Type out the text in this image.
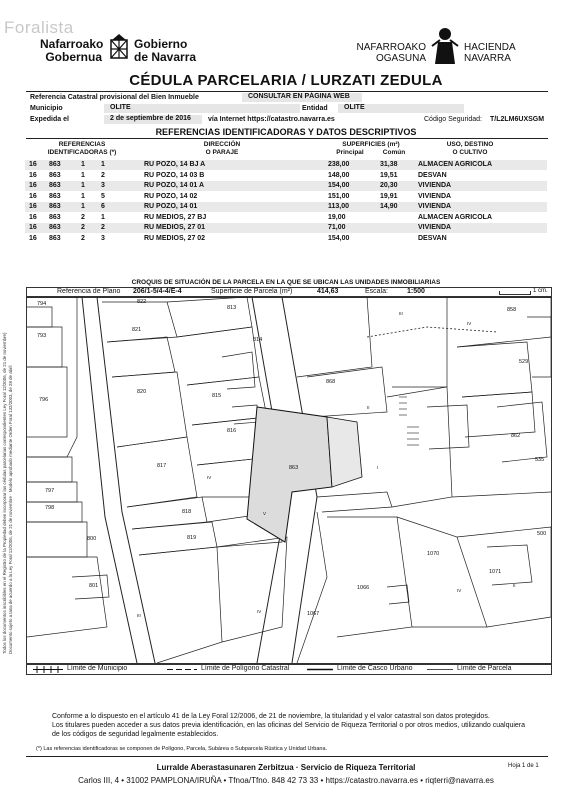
Foralista
Nafarroako
Gobernua
Gobierno
de Navarra
NAFARROAKO
OGASUNA
HACIENDA
NAVARRA
CÉDULA PARCELARIA / LURZATI ZEDULA
Referencia Catastral provisional del Bien Inmueble	CONSULTAR EN PÁGINA WEB
Municipio	OLITE	Entidad	OLITE
Expedida el	2 de septiembre de 2016	vía Internet https://catastro.navarra.es	Código Seguridad: T/L2LM6UXSGM
REFERENCIAS IDENTIFICADORAS Y DATOS DESCRIPTIVOS
REFERENCIAS
IDENTIFICADORAS (*)
DIRECCIÓN
O PARAJE
SUPERFICIES (m²)
Principal	Común
USO, DESTINO
O CULTIVO
16 863	1 1	RU POZO, 14 BJ A	238,00	31,38	ALMACEN AGRICOLA
16 863	1 2	RU POZO, 14 03 B	148,00	19,51	DESVAN
16 863	1 3	RU POZO, 14 01 A	154,00	20,30	VIVIENDA
16 863	1 5	RU POZO, 14 02	151,00	19,91	VIVIENDA
16 863	1 6	RU POZO, 14 01	113,00	14,90	VIVIENDA
16 863	2 1	RU MEDIOS, 27 BJ	19,00	ALMACEN AGRICOLA
16 863	2 2	RU MEDIOS, 27 01	71,00	VIVIENDA
16 863	2 3	RU MEDIOS, 27 02	154,00	DESVAN
CROQUIS DE SITUACIÓN DE LA PARCELA EN LA QUE SE UBICAN LAS UNIDADES INMOBILIARIAS
Referencia de Plano 206/1-5/4-4/E-4	Superficie de Parcela (m²)	414,63	Escala:	1:500	1 cm.
Todos los documentos inscribibles en el Registro de la Propiedad deben incorporar las cédulas parcelarias correspondientes Ley Foral 12/2006, de 21 de noviembre) Documento sujeto a tasa de acuerdo a la Ley Foral 12/2006, de 21 de noviembre · Modelo aprobado mediante Orden Foral 132/2003, de 28 de abril
794	822
813
793
821
814
796
820
815
816
817
818
819
797
798
800
801
863
868
1066
1067
1070
1071
858
529
500
535
862
II
I
III
IV
V
IV
III
IV
II
IV
Límite de Municipio	Límite de Polígono Catastral	Límite de Casco Urbano	Límite de Parcela
Conforme a lo dispuesto en el artículo 41 de la Ley Foral 12/2006, de 21 de noviembre, la titularidad y el valor catastral son datos protegidos.
Los titulares pueden acceder a sus datos previa identificación, en las oficinas del Servicio de Riqueza Territorial o por otros medios, utilizando cualquiera
de los códigos de seguridad legalmente establecidos.
(*) Las referencias identificadoras se componen de Polígono, Parcela, Subárea o Subparcela Rústica y Unidad Urbana.
Lurralde Aberastasunaren Zerbitzua · Servicio de Riqueza Territorial
Carlos III, 4 • 31002 PAMPLONA/IRUÑA • Tfnoa/Tfno. 848 42 73 33 • https://catastro.navarra.es • riqterri@navarra.es
Hoja 1 de 1
